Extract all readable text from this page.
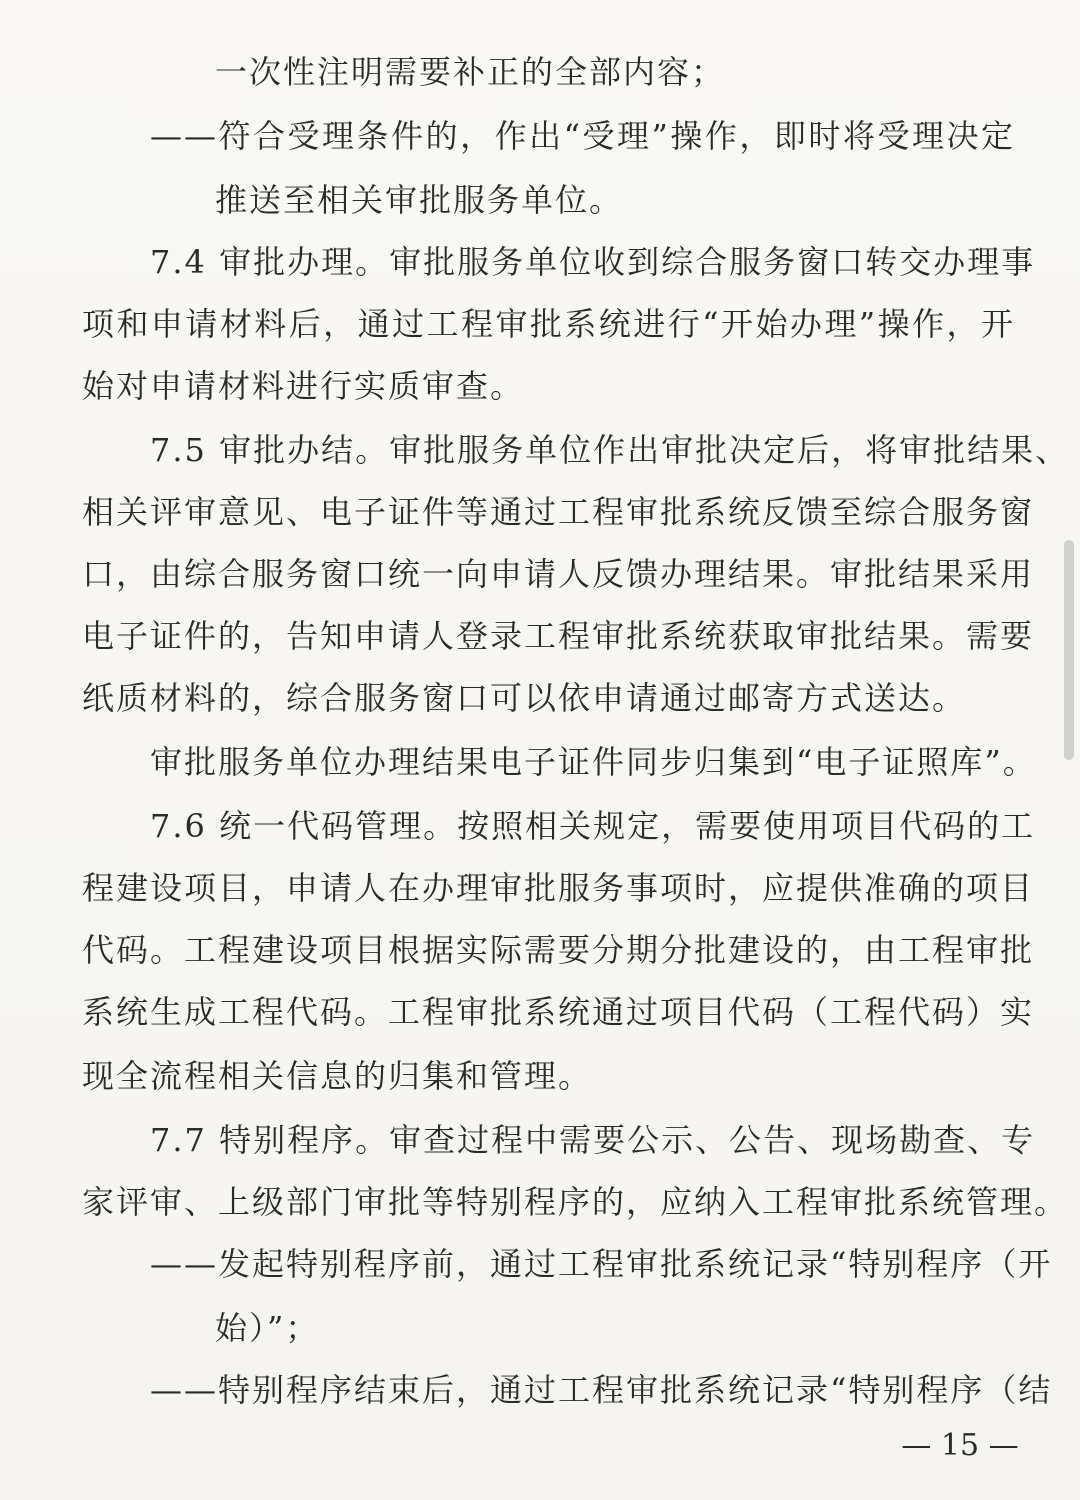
一次性注明需要补正的全部内容；
——符合受理条件的，作出“受理”操作，即时将受理决定
推送至相关审批服务单位。
7.4 审批办理。审批服务单位收到综合服务窗口转交办理事
项和申请材料后，通过工程审批系统进行“开始办理”操作，开
始对申请材料进行实质审查。
7.5 审批办结。审批服务单位作出审批决定后，将审批结果、
相关评审意见、电子证件等通过工程审批系统反馈至综合服务窗
口，由综合服务窗口统一向申请人反馈办理结果。审批结果采用
电子证件的，告知申请人登录工程审批系统获取审批结果。需要
纸质材料的，综合服务窗口可以依申请通过邮寄方式送达。
审批服务单位办理结果电子证件同步归集到“电子证照库”。
7.6 统一代码管理。按照相关规定，需要使用项目代码的工
程建设项目，申请人在办理审批服务事项时，应提供准确的项目
代码。工程建设项目根据实际需要分期分批建设的，由工程审批
系统生成工程代码。工程审批系统通过项目代码（工程代码）实
现全流程相关信息的归集和管理。
7.7 特别程序。审查过程中需要公示、公告、现场勘查、专
家评审、上级部门审批等特别程序的，应纳入工程审批系统管理。
——发起特别程序前，通过工程审批系统记录“特别程序（开
始）”；
——特别程序结束后，通过工程审批系统记录“特别程序（结
— 15 —
